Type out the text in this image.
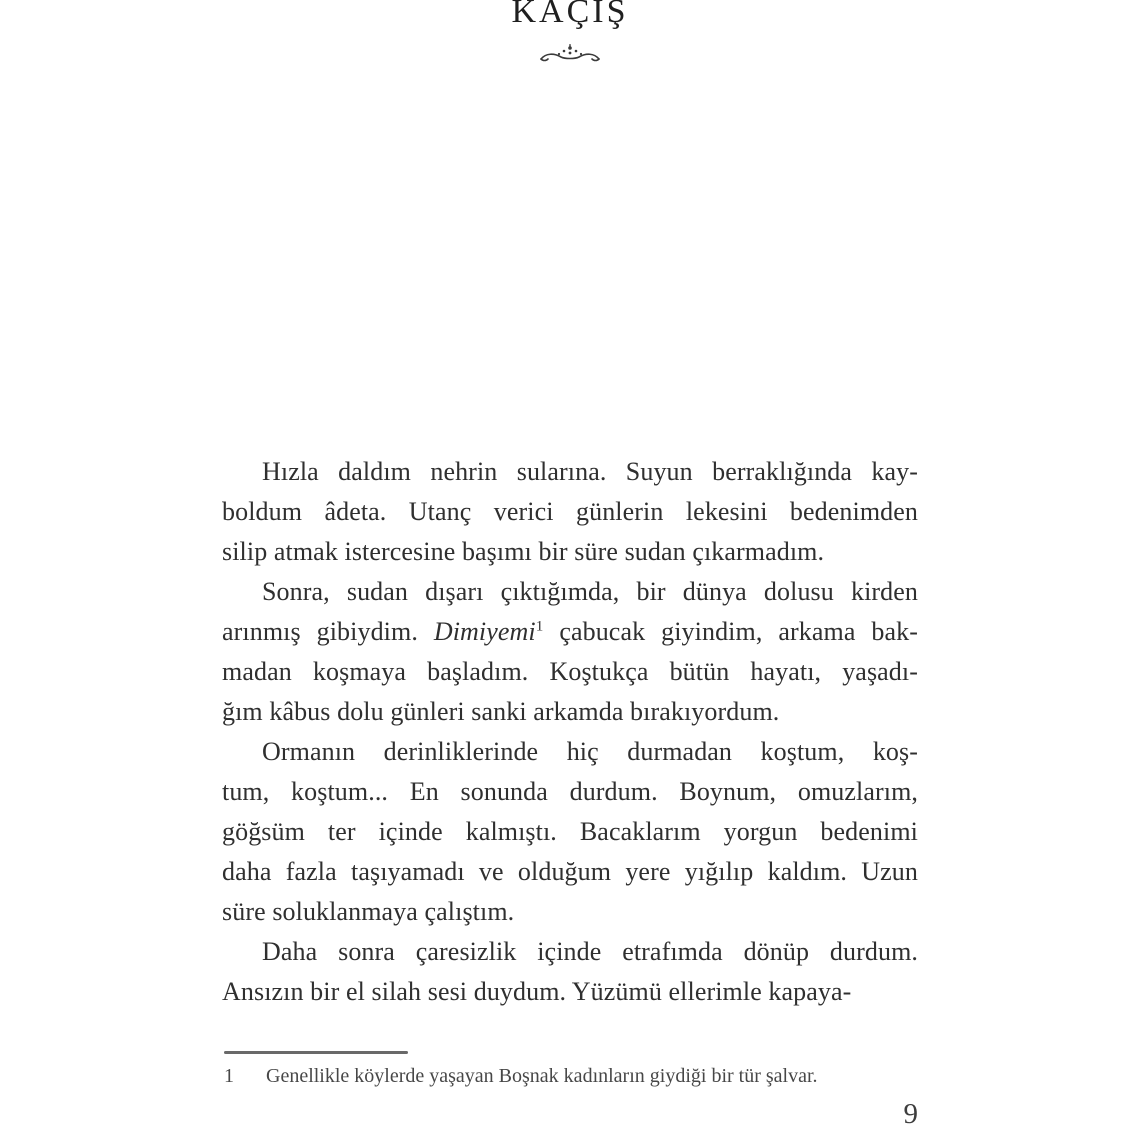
KAÇIŞ
Hızla daldım nehrin sularına. Suyun berraklığında kay-
boldum âdeta. Utanç verici günlerin lekesini bedenimden
silip atmak istercesine başımı bir süre sudan çıkarmadım.
Sonra, sudan dışarı çıktığımda, bir dünya dolusu kirden
arınmış gibiydim. Dimiyemi$^1$ çabucak giyindim, arkama bak-
madan koşmaya başladım. Koştukça bütün hayatı, yaşadı-
ğım kâbus dolu günleri sanki arkamda bırakıyordum.
Ormanın derinliklerinde hiç durmadan koştum, koş-
tum, koştum... En sonunda durdum. Boynum, omuzlarım,
göğsüm ter içinde kalmıştı. Bacaklarım yorgun bedenimi
daha fazla taşıyamadı ve olduğum yere yığılıp kaldım. Uzun
süre soluklanmaya çalıştım.
Daha sonra çaresizlik içinde etrafımda dönüp durdum.
Ansızın bir el silah sesi duydum. Yüzümü ellerimle kapaya-
1 Genellikle köylerde yaşayan Boşnak kadınların giydiği bir tür şalvar.
9
